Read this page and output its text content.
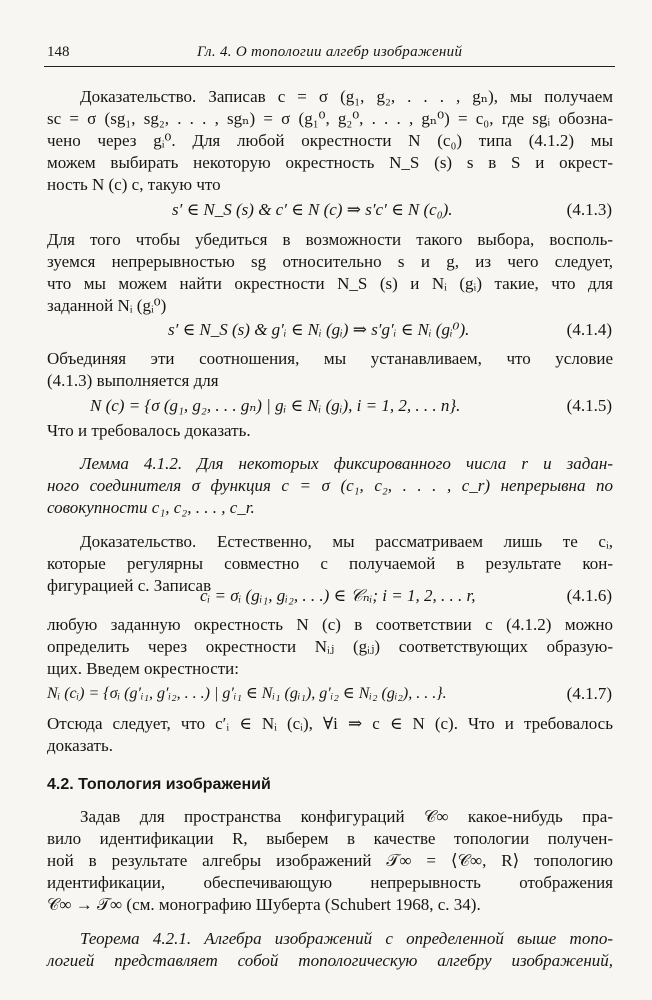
148	Гл. 4. О топологии алгебр изображений
Доказательство. Записав c = σ (g₁, g₂, . . . , gₙ), мы получаем
sc = σ (sg₁, sg₂, . . . , sgₙ) = σ (g₁⁰, g₂⁰, . . . , gₙ⁰) = c₀, где sgᵢ обозна-
чено через gᵢ⁰. Для любой окрестности N (c₀) типа (4.1.2) мы
можем выбирать некоторую окрестность N_S (s) s в S и окрест-
ность N (c) c, такую что
s′ ∈ N_S (s) & c′ ∈ N (c) ⇒ s′c′ ∈ N (c₀).	(4.1.3)
Для того чтобы убедиться в возможности такого выбора, восполь-
зуемся непрерывностью sg относительно s и g, из чего следует,
что мы можем найти окрестности N_S (s) и Nᵢ (gᵢ) такие, что для
заданной Nᵢ (gᵢ⁰)
s′ ∈ N_S (s) & g′ᵢ ∈ Nᵢ (gᵢ) ⇒ s′g′ᵢ ∈ Nᵢ (gᵢ⁰).	(4.1.4)
Объединяя эти соотношения, мы устанавливаем, что условие
(4.1.3) выполняется для
N (c) = {σ (g₁, g₂, . . . gₙ) | gᵢ ∈ Nᵢ (gᵢ), i = 1, 2, . . . n}.	(4.1.5)
Что и требовалось доказать.
Лемма 4.1.2. Для некоторых фиксированного числа r и задан-
ного соединителя σ функция c = σ (c₁, c₂, . . . , c_r) непрерывна по
совокупности c₁, c₂, . . . , c_r.
Доказательство. Естественно, мы рассматриваем лишь те cᵢ,
которые регулярны совместно с получаемой в результате кон-
фигурацией c. Записав
cᵢ = σᵢ (gᵢ₁, gᵢ₂, . . .) ∈ 𝒞ₙᵢ; i = 1, 2, . . . r,	(4.1.6)
любую заданную окрестность N (c) в соответствии с (4.1.2) можно
определить через окрестности Nᵢⱼ (gᵢⱼ) соответствующих образую-
щих. Введем окрестности:
Nᵢ (cᵢ) = {σᵢ (g′ᵢ₁, g′ᵢ₂, . . .) | g′ᵢ₁ ∈ Nᵢ₁ (gᵢ₁), g′ᵢ₂ ∈ Nᵢ₂ (gᵢ₂), . . .}.	(4.1.7)
Отсюда следует, что c′ᵢ ∈ Nᵢ (cᵢ), ∀i ⇒ c ∈ N (c). Что и требовалось
доказать.
4.2. Топология изображений
Задав для пространства конфигураций 𝒞∞ какое-нибудь пра-
вило идентификации R, выберем в качестве топологии получен-
ной в результате алгебры изображений 𝒯∞ = ⟨𝒞∞, R⟩ топологию
идентификации, обеспечивающую непрерывность отображения
𝒞∞ → 𝒯∞ (см. монографию Шуберта (Schubert 1968, с. 34).
Теорема 4.2.1. Алгебра изображений с определенной выше топо-
логией представляет собой топологическую алгебру изображений,
